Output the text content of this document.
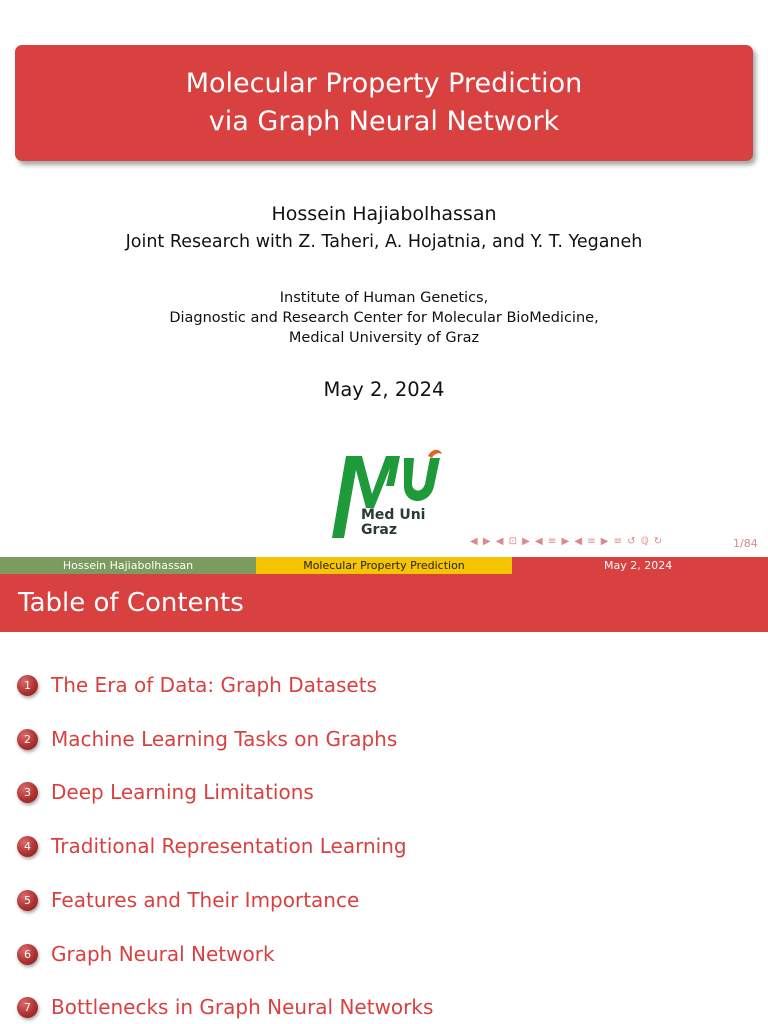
Molecular Property Prediction
via Graph Neural Network
Hossein Hajiabolhassan
Joint Research with Z. Taheri, A. Hojatnia, and Y. T. Yeganeh
Institute of Human Genetics,
Diagnostic and Research Center for Molecular BioMedicine,
Medical University of Graz
May 2, 2024
Med Uni
Graz
◀ ▶ ◀ ⊡ ▶ ◀ ≡ ▶ ◀ ≡ ▶ ≡ ↺ ℚ ↻	1/84
Hossein Hajiabolhassan	Molecular Property Prediction	May 2, 2024
Table of Contents
1	The Era of Data: Graph Datasets
2	Machine Learning Tasks on Graphs
3	Deep Learning Limitations
4	Traditional Representation Learning
5	Features and Their Importance
6	Graph Neural Network
7	Bottlenecks in Graph Neural Networks
